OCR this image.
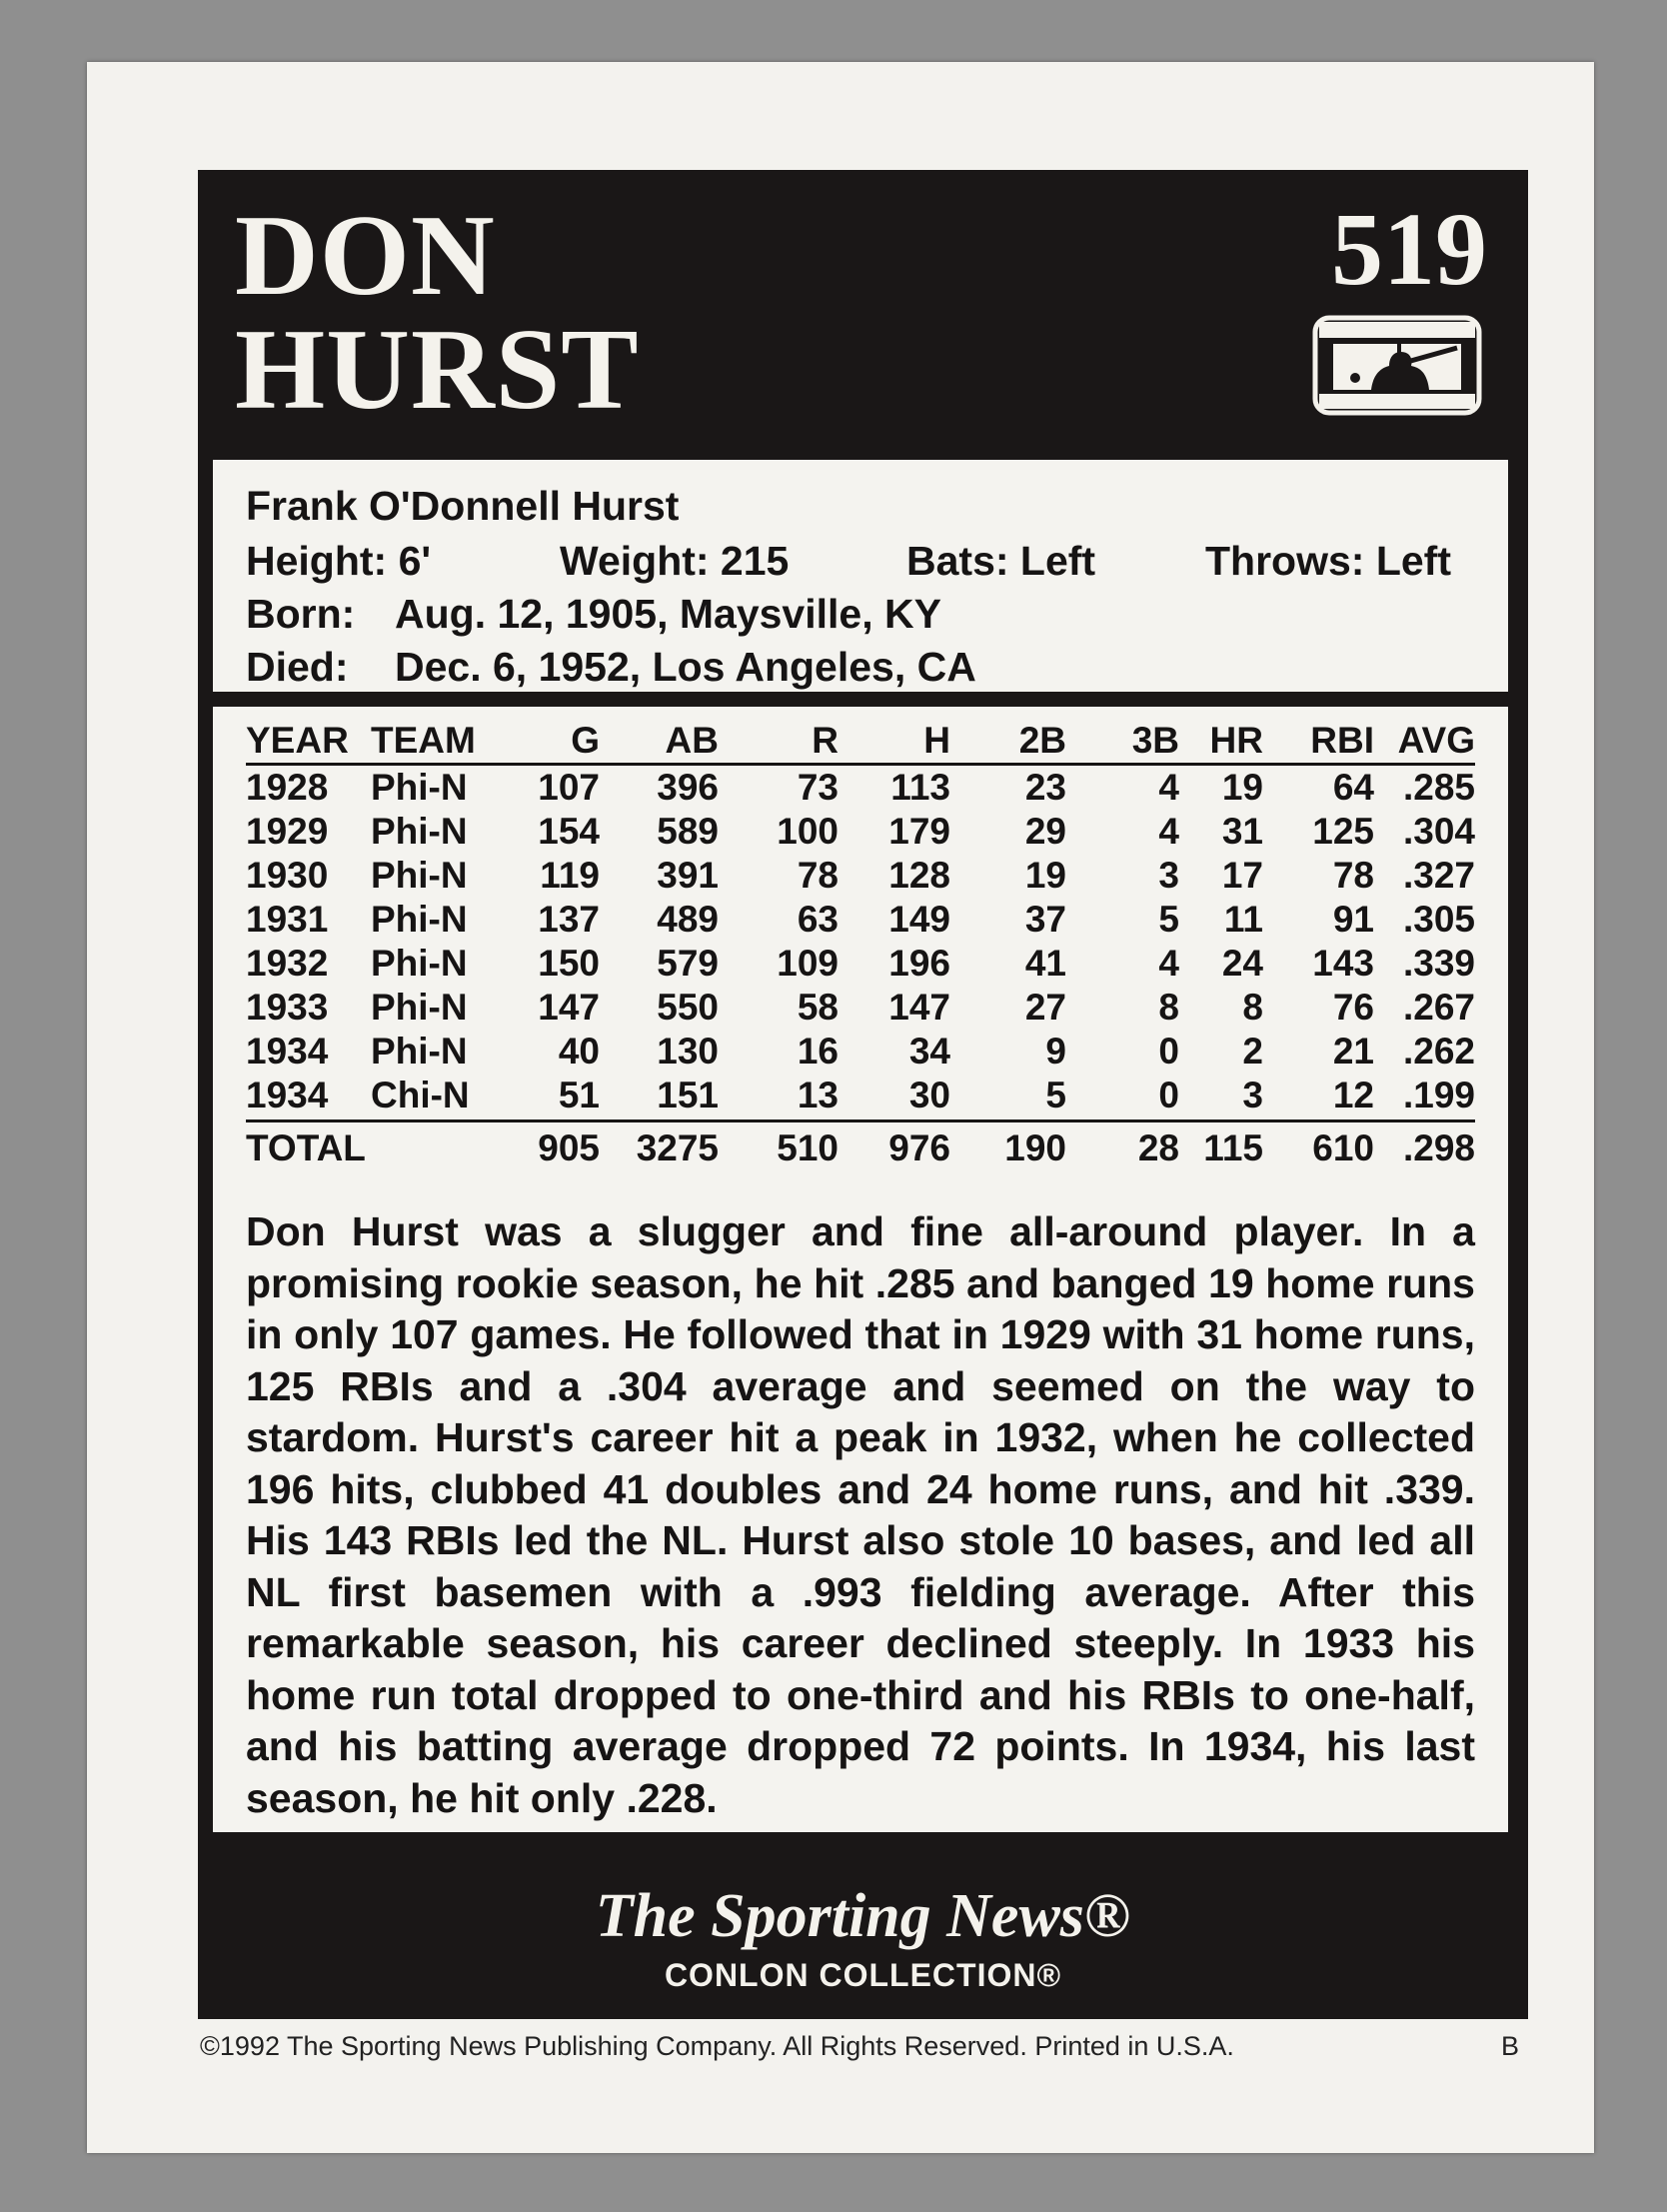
DON
HURST
519
Frank O'Donnell Hurst
Height: 6'	Weight: 215	Bats: Left	Throws: Left
Born: Aug. 12, 1905, Maysville, KY
Died: Dec. 6, 1952, Los Angeles, CA
YEAR	TEAM	G	AB	R	H	2B	3B	HR	RBI	AVG
1928	Phi-N	107	396	73	113	23	4	19	64	.285
1929	Phi-N	154	589	100	179	29	4	31	125	.304
1930	Phi-N	119	391	78	128	19	3	17	78	.327
1931	Phi-N	137	489	63	149	37	5	11	91	.305
1932	Phi-N	150	579	109	196	41	4	24	143	.339
1933	Phi-N	147	550	58	147	27	8	8	76	.267
1934	Phi-N	40	130	16	34	9	0	2	21	.262
1934	Chi-N	51	151	13	30	5	0	3	12	.199
TOTAL		905	3275	510	976	190	28	115	610	.298

Don Hurst was a slugger and fine all-around player. In a promising rookie season, he hit .285 and banged 19 home runs in only 107 games. He followed that in 1929 with 31 home runs, 125 RBIs and a .304 average and seemed on the way to stardom. Hurst's career hit a peak in 1932, when he collected 196 hits, clubbed 41 doubles and 24 home runs, and hit .339. His 143 RBIs led the NL. Hurst also stole 10 bases, and led all NL first basemen with a .993 fielding average. After this remarkable season, his career declined steeply. In 1933 his home run total dropped to one-third and his RBIs to one-half, and his batting average dropped 72 points. In 1934, his last season, he hit only .228.

The Sporting News®
CONLON COLLECTION®
©1992 The Sporting News Publishing Company. All Rights Reserved. Printed in U.S.A.	B
